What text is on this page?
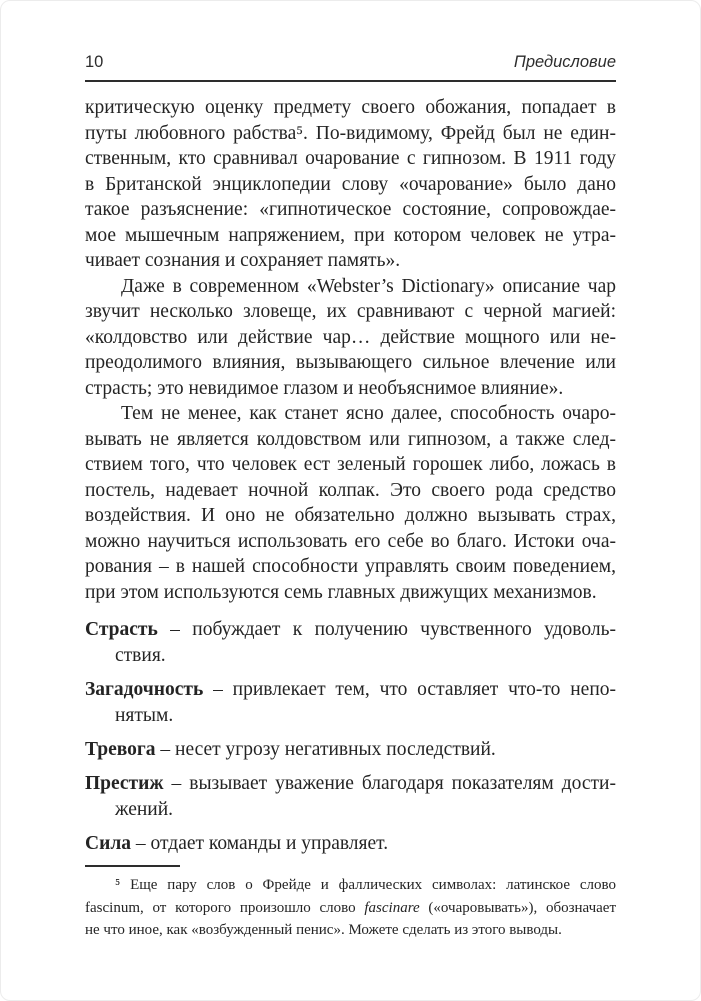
10	Предисловие
критическую оценку предмету своего обожания, попадает в
путы любовного рабства⁵. По-видимому, Фрейд был не един-
ственным, кто сравнивал очарование с гипнозом. В 1911 году
в Британской энциклопедии слову «очарование» было дано
такое разъяснение: «гипнотическое состояние, сопровождае-
мое мышечным напряжением, при котором человек не утра-
чивает сознания и сохраняет память».
Даже в современном «Webster’s Dictionary» описание чар
звучит несколько зловеще, их сравнивают с черной магией:
«колдовство или действие чар… действие мощного или не-
преодолимого влияния, вызывающего сильное влечение или
страсть; это невидимое глазом и необъяснимое влияние».
Тем не менее, как станет ясно далее, способность очаро-
вывать не является колдовством или гипнозом, а также след-
ствием того, что человек ест зеленый горошек либо, ложась в
постель, надевает ночной колпак. Это своего рода средство
воздействия. И оно не обязательно должно вызывать страх,
можно научиться использовать его себе во благо. Истоки оча-
рования – в нашей способности управлять своим поведением,
при этом используются семь главных движущих механизмов.
Страсть – побуждает к получению чувственного удоволь-
ствия.
Загадочность – привлекает тем, что оставляет что-то непо-
нятым.
Тревога – несет угрозу негативных последствий.
Престиж – вызывает уважение благодаря показателям дости-
жений.
Сила – отдает команды и управляет.
⁵ Еще пару слов о Фрейде и фаллических символах: латинское слово
fascinum, от которого произошло слово fascinare («очаровывать»), обозначает
не что иное, как «возбужденный пенис». Можете сделать из этого выводы.
